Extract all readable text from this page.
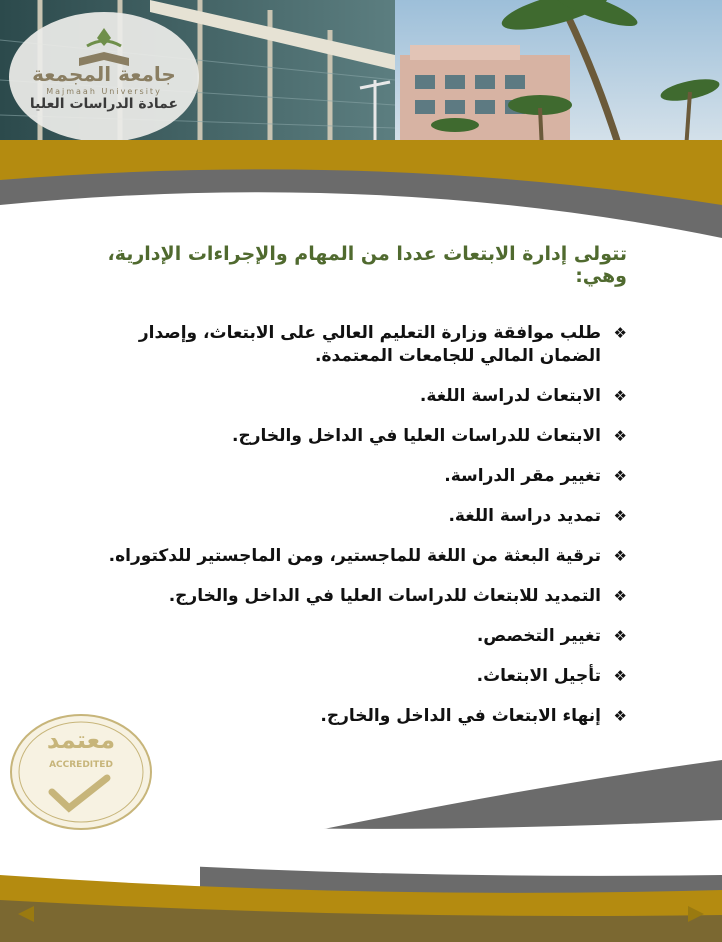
جامعة المجمعة
Majmaah University
عمادة الدراسات العليا
تتولى إدارة الابتعاث عددا من المهام والإجراءات الإدارية، وهي:
❖
طلب موافقة وزارة التعليم العالي على الابتعاث، وإصدار الضمان المالي للجامعات المعتمدة.
❖
الابتعاث لدراسة اللغة.
❖
الابتعاث للدراسات العليا في الداخل والخارج.
❖
تغيير مقر الدراسة.
❖
تمديد دراسة اللغة.
❖
ترقية البعثة من اللغة للماجستير، ومن الماجستير للدكتوراه.
❖
التمديد للابتعاث للدراسات العليا في الداخل والخارج.
❖
تغيير التخصص.
❖
تأجيل الابتعاث.
❖
إنهاء الابتعاث في الداخل والخارج.
معتمد
ACCREDITED
